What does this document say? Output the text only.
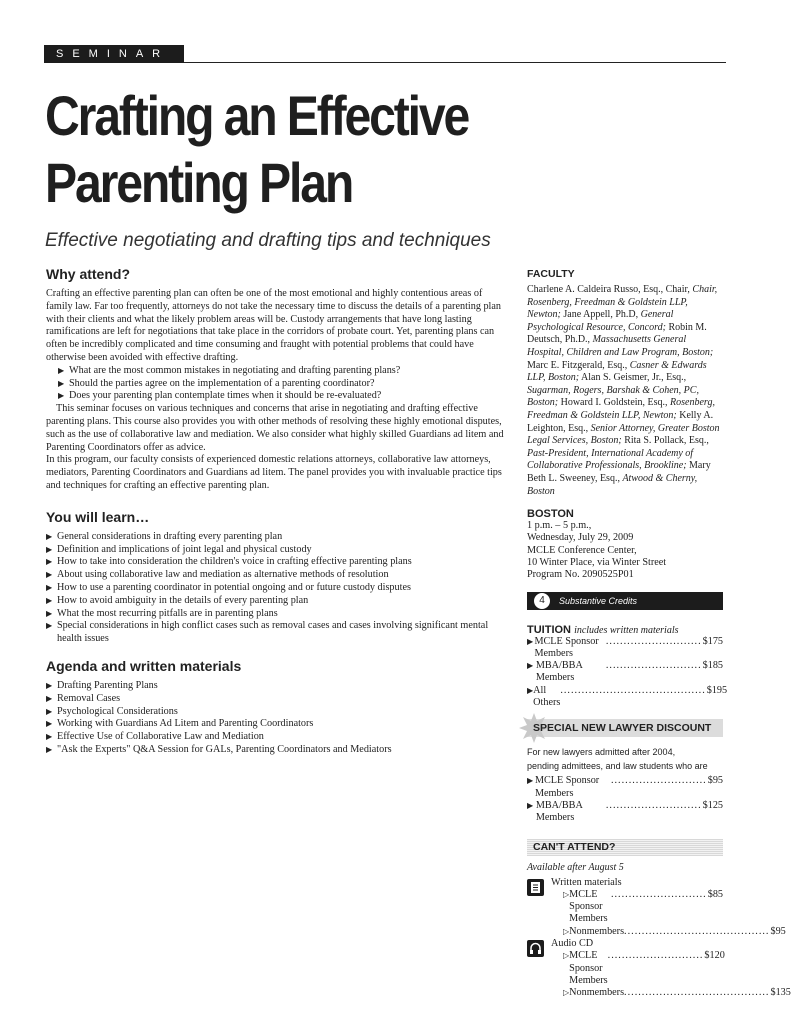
SEMINAR
Crafting an Effective
Parenting Plan

Effective negotiating and drafting tips and techniques

Why attend?

Crafting an effective parenting plan can often be one of the most emotional and highly contentious areas of family law. Far too frequently, attorneys do not take the necessary time to discuss the details of a parenting plan with their clients and what the likely problem areas will be. Custody arrangements that have long lasting ramifications are left for negotiations that take place in the corridors of probate court. Yet, parenting plans can often be incredibly complicated and time consuming and fraught with potential problems that could have otherwise been avoided with effective drafting.

▶ What are the most common mistakes in negotiating and drafting parenting plans?
▶ Should the parties agree on the implementation of a parenting coordinator?
▶ Does your parenting plan contemplate times when it should be re-evaluated?

This seminar focuses on various techniques and concerns that arise in negotiating and drafting effective parenting plans. This course also provides you with other methods of resolving these highly emotional disputes, such as the use of collaborative law and mediation. We also consider what highly skilled Guardians ad litem and Parenting Coordinators offer as advice.

In this program, our faculty consists of experienced domestic relations attorneys, collaborative law attorneys, mediators, Parenting Coordinators and Guardians ad litem. The panel provides you with invaluable practice tips and techniques for crafting an effective parenting plan.

You will learn…
▶ General considerations in drafting every parenting plan
▶ Definition and implications of joint legal and physical custody
▶ How to take into consideration the children's voice in crafting effective parenting plans
▶ About using collaborative law and mediation as alternative methods of resolution
▶ How to use a parenting coordinator in potential ongoing and or future custody disputes
▶ How to avoid ambiguity in the details of every parenting plan
▶ What the most recurring pitfalls are in parenting plans
▶ Special considerations in high conflict cases such as removal cases and cases involving significant mental health issues
Agenda and written materials
▶ Drafting Parenting Plans
▶ Removal Cases
▶ Psychological Considerations
▶ Working with Guardians Ad Litem and Parenting Coordinators
▶ Effective Use of Collaborative Law and Mediation
▶ "Ask the Experts" Q&A Session for GALs, Parenting Coordinators and Mediators
FACULTY

Charlene A. Caldeira Russo, Esq., Chair, Chair, Rosenberg, Freedman & Goldstein LLP, Newton; Jane Appell, Ph.D, General Psychological Resource, Concord; Robin M. Deutsch, Ph.D., Massachusetts General Hospital, Children and Law Program, Boston; Marc E. Fitzgerald, Esq., Casner & Edwards LLP, Boston; Alan S. Geismer, Jr., Esq., Sugarman, Rogers, Barshak & Cohen, PC, Boston; Howard I. Goldstein, Esq., Rosenberg, Freedman & Goldstein LLP, Newton; Kelly A. Leighton, Esq., Senior Attorney, Greater Boston Legal Services, Boston; Rita S. Pollack, Esq., Past-President, International Academy of Collaborative Professionals, Brookline; Mary Beth L. Sweeney, Esq., Atwood & Cherny, Boston

BOSTON

1 p.m. – 5 p.m.,

Wednesday, July 29, 2009

MCLE Conference Center,

10 Winter Place, via Winter Street

Program No. 2090525P01

4	Substantive Credits
TUITION includes written materials
▶ MCLE Sponsor Members
........................... $175
▶ MBA/BBA Members
........................... $185
▶ All Others
......................................... $195
SPECIAL NEW LAWYER DISCOUNT

For new lawyers admitted after 2004,

pending admittees, and law students who are

▶ MCLE Sponsor Members
........................... $95
▶ MBA/BBA Members
........................... $125
CAN'T ATTEND?

Available after August 5

Written materials
▷ MCLE Sponsor Members
........................... $85
▷ Nonmembers ......................................... $95
Audio CD
▷ MCLE Sponsor Members
........................... $120
▷ Nonmembers ......................................... $135
